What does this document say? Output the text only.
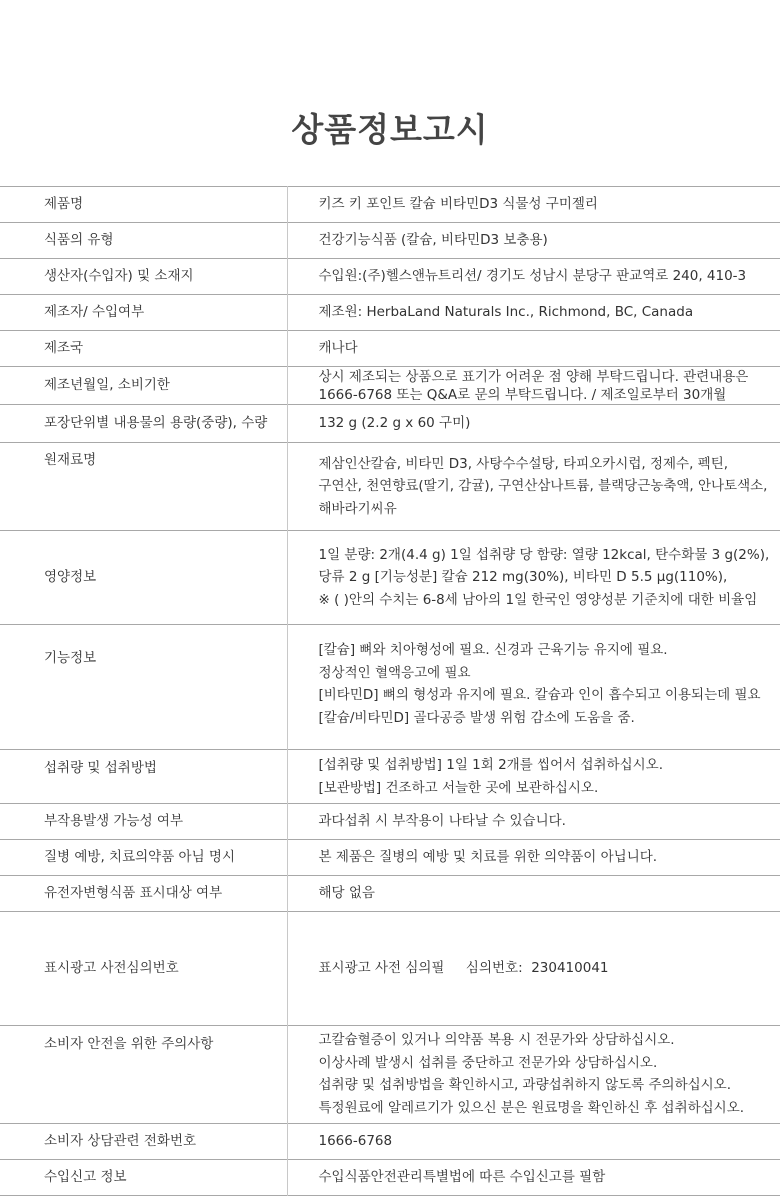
상품정보고시
제품명	키즈 키 포인트 칼슘 비타민D3 식물성 구미젤리

식품의 유형	건강기능식품 (칼슘, 비타민D3 보충용)

생산자(수입자) 및 소재지	수입원:(주)헬스앤뉴트리션/ 경기도 성남시 분당구 판교역로 240, 410-3

제조자/ 수입여부	제조원: HerbaLand Naturals Inc., Richmond, BC, Canada

제조국	캐나다

제조년월일, 소비기한	상시 제조되는 상품으로 표기가 어려운 점 양해 부탁드립니다. 관련내용은
1666-6768 또는 Q&A로 문의 부탁드립니다. / 제조일로부터 30개월

포장단위별 내용물의 용량(중량), 수량	132 g (2.2 g x 60 구미)

원재료명	제삼인산칼슘, 비타민 D3, 사탕수수설탕, 타피오카시럽, 정제수, 펙틴,
구연산, 천연향료(딸기, 감귤), 구연산삼나트륨, 블랙당근농축액, 안나토색소,
해바라기씨유

영양정보	1일 분량: 2개(4.4 g) 1일 섭취량 당 함량: 열량 12kcal, 탄수화물 3 g(2%),
당류 2 g [기능성분] 칼슘 212 mg(30%), 비타민 D 5.5 μg(110%),
※ ( )안의 수치는 6-8세 남아의 1일 한국인 영양성분 기준치에 대한 비율임

기능정보	[칼슘] 뼈와 치아형성에 필요. 신경과 근육기능 유지에 필요.
정상적인 혈액응고에 필요
[비타민D] 뼈의 형성과 유지에 필요. 칼슘과 인이 흡수되고 이용되는데 필요
[칼슘/비타민D] 골다공증 발생 위험 감소에 도움을 줌.

섭취량 및 섭취방법	[섭취량 및 섭취방법] 1일 1회 2개를 씹어서 섭취하십시오.
[보관방법] 건조하고 서늘한 곳에 보관하십시오.

부작용발생 가능성 여부	과다섭취 시 부작용이 나타날 수 있습니다.

질병 예방, 치료의약품 아님 명시	본 제품은 질병의 예방 및 치료를 위한 의약품이 아닙니다.

유전자변형식품 표시대상 여부	해당 없음

표시광고 사전심의번호	표시광고 사전 심의필     심의번호:  230410041

소비자 안전을 위한 주의사항	고칼슘혈증이 있거나 의약품 복용 시 전문가와 상담하십시오.
이상사례 발생시 섭취를 중단하고 전문가와 상담하십시오.
섭취량 및 섭취방법을 확인하시고, 과량섭취하지 않도록 주의하십시오.
특정원료에 알레르기가 있으신 분은 원료명을 확인하신 후 섭취하십시오.

소비자 상담관련 전화번호	1666-6768

수입신고 정보	수입식품안전관리특별법에 따른 수입신고를 필함
